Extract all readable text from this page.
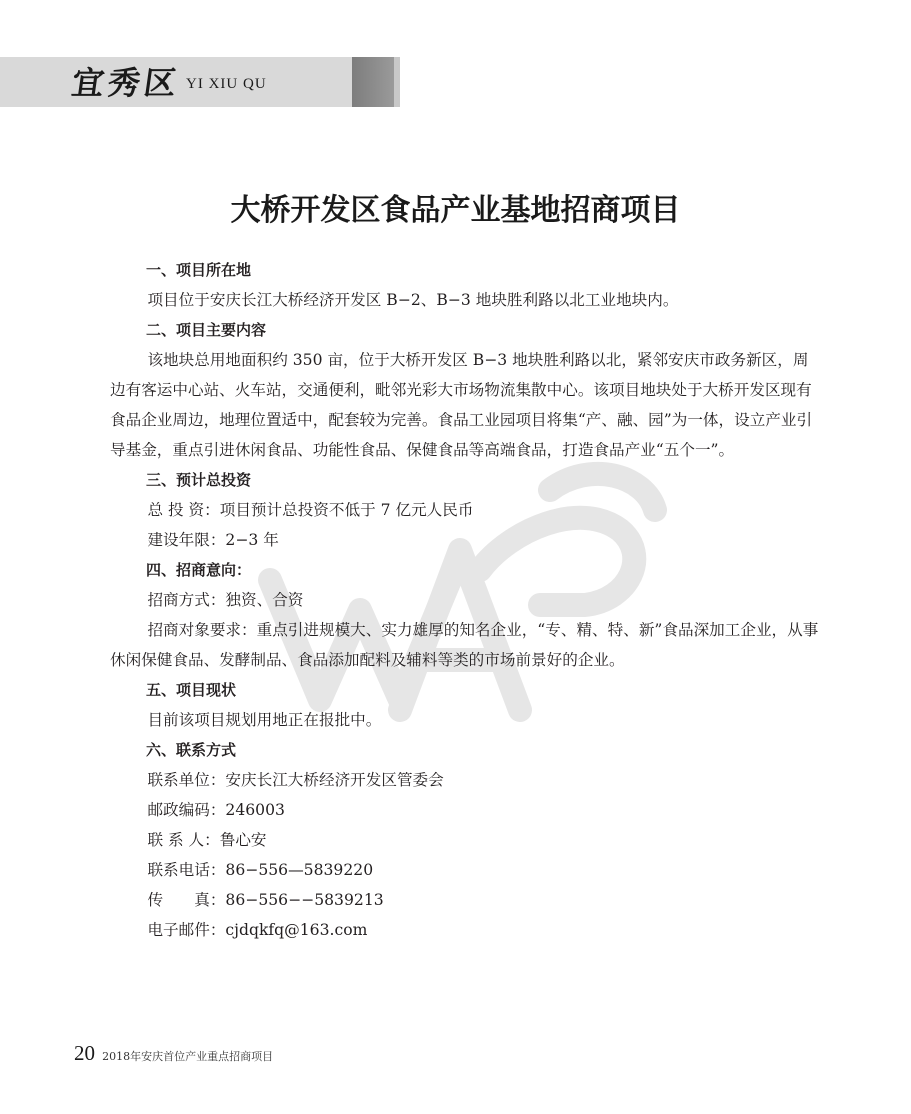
宜秀区 YI XIU QU
大桥开发区食品产业基地招商项目

一、项目所在地

项目位于安庆长江大桥经济开发区 B−2、B−3 地块胜利路以北工业地块内。

二、项目主要内容

该地块总用地面积约 350 亩，位于大桥开发区 B−3 地块胜利路以北，紧邻安庆市政务新区，周边有客运中心站、火车站，交通便利，毗邻光彩大市场物流集散中心。该项目地块处于大桥开发区现有食品企业周边，地理位置适中，配套较为完善。食品工业园项目将集“产、融、园”为一体，设立产业引导基金，重点引进休闲食品、功能性食品、保健食品等高端食品，打造食品产业“五个一”。

三、预计总投资

总 投 资：项目预计总投资不低于 7 亿元人民币

建设年限：2−3 年

四、招商意向：

招商方式：独资、合资

招商对象要求：重点引进规模大、实力雄厚的知名企业，“专、精、特、新”食品深加工企业，从事休闲保健食品、发酵制品、食品添加配料及辅料等类的市场前景好的企业。

五、项目现状

目前该项目规划用地正在报批中。

六、联系方式

联系单位：安庆长江大桥经济开发区管委会

邮政编码：246003

联 系 人：鲁心安

联系电话：86−556—5839220

传　　真：86−556−−5839213

电子邮件：cjdqkfq@163.com

20 2018年安庆首位产业重点招商项目
